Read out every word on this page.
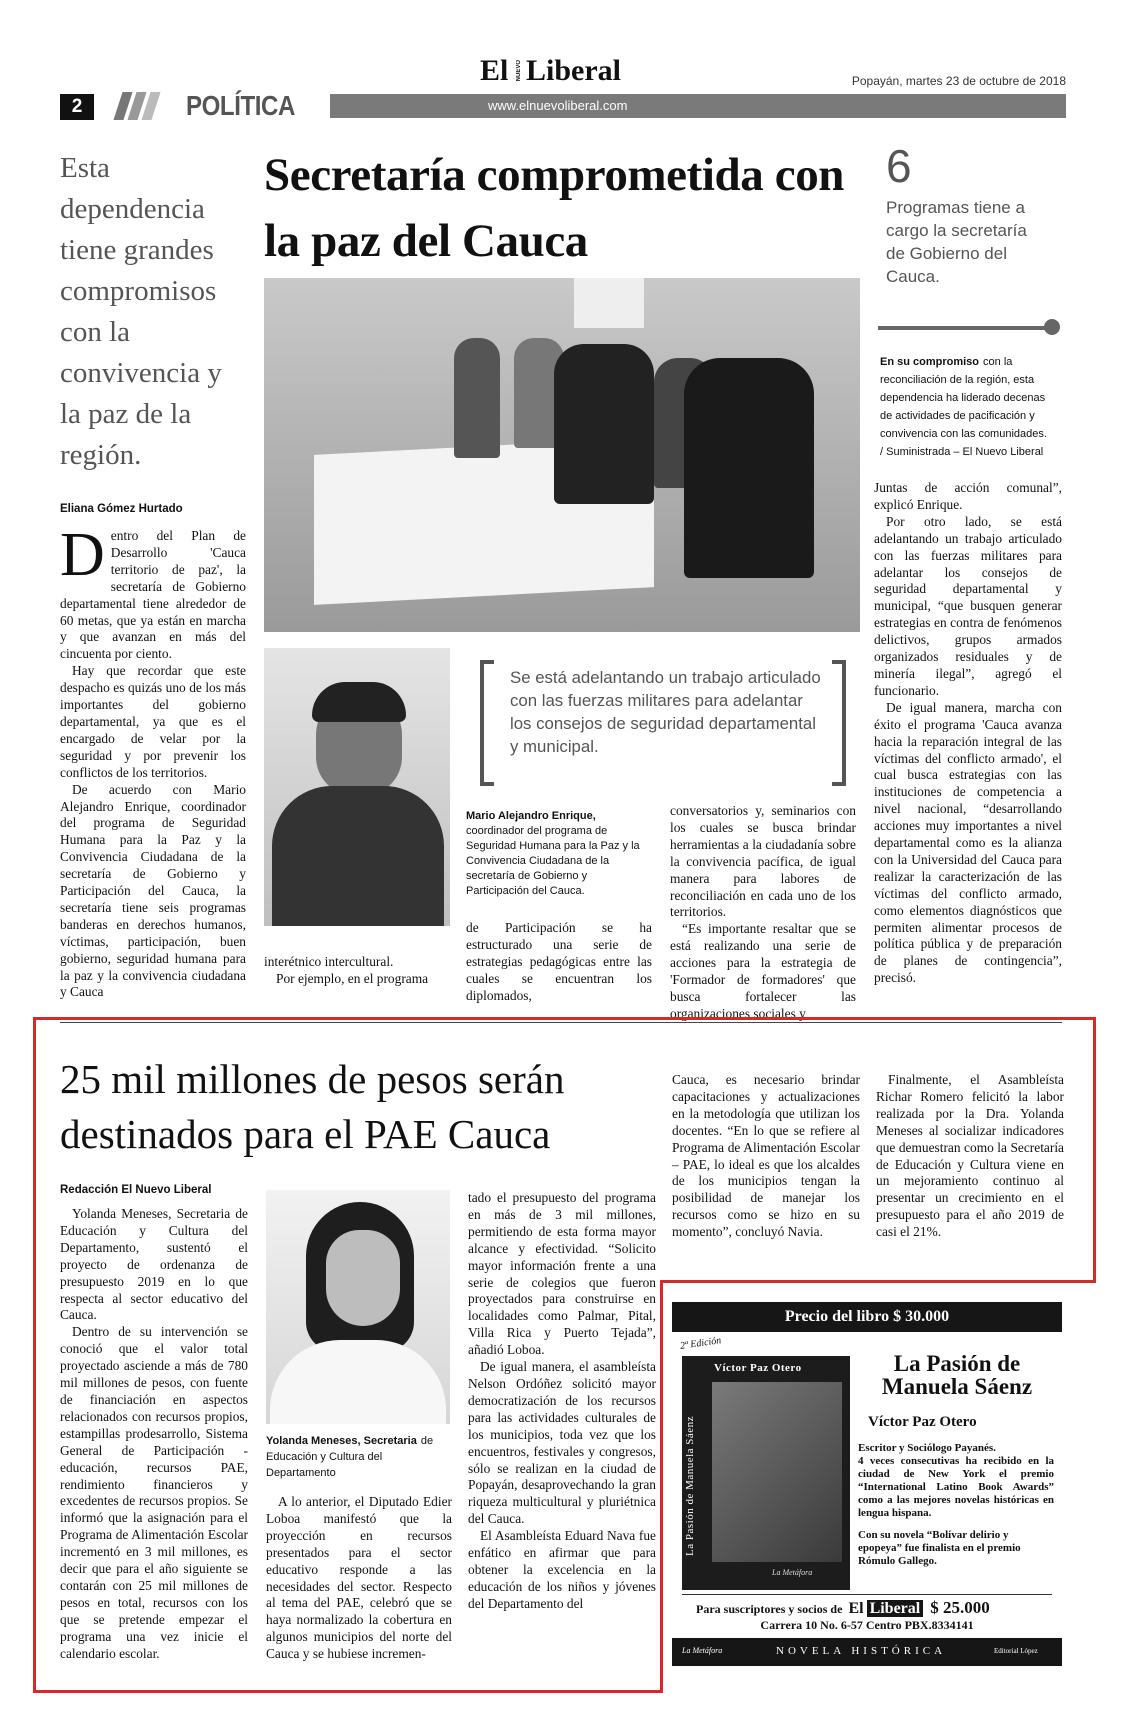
2	POLÍTICA
El NUEVO Liberal	Popayán, martes 23 de octubre de 2018
www.elnuevoliberal.com
Esta dependencia tiene grandes compromisos con la convivencia y la paz de la región.
Secretaría comprometida con la paz del Cauca
6
Programas tiene a cargo la secretaría de Gobierno del Cauca.
En su compromiso con la reconciliación de la región, esta dependencia ha liderado decenas de actividades de pacificación y convivencia con las comunidades. / Suministrada – El Nuevo Liberal
Se está adelantando un trabajo articulado con las fuerzas militares para adelantar los consejos de seguridad departamental y municipal.
Eliana Gómez Hurtado

Dentro del Plan de Desarrollo 'Cauca territorio de paz', la secretaría de Gobierno departamental tiene alrededor de 60 metas, que ya están en marcha y que avanzan en más del cincuenta por ciento.

Hay que recordar que este despacho es quizás uno de los más importantes del gobierno departamental, ya que es el encargado de velar por la seguridad y por prevenir los conflictos de los territorios.

De acuerdo con Mario Alejandro Enrique, coordinador del programa de Seguridad Humana para la Paz y la Convivencia Ciudadana de la secretaría de Gobierno y Participación del Cauca, la secretaría tiene seis programas banderas en derechos humanos, víctimas, participación, buen gobierno, seguridad humana para la paz y la convivencia ciudadana y Cauca

interétnico intercultural.

Por ejemplo, en el programa

Mario Alejandro Enrique, coordinador del programa de Seguridad Humana para la Paz y la Convivencia Ciudadana de la secretaría de Gobierno y Participación del Cauca.

de Participación se ha estructurado una serie de estrategias pedagógicas entre las cuales se encuentran los diplomados,

conversatorios y, seminarios con los cuales se busca brindar herramientas a la ciudadanía sobre la convivencia pacífica, de igual manera para labores de reconciliación en cada uno de los territorios.

“Es importante resaltar que se está realizando una serie de acciones para la estrategia de 'Formador de formadores' que busca fortalecer las organizaciones sociales y

Juntas de acción comunal”, explicó Enrique.

Por otro lado, se está adelantando un trabajo articulado con las fuerzas militares para adelantar los consejos de seguridad departamental y municipal, “que busquen generar estrategias en contra de fenómenos delictivos, grupos armados organizados residuales y de minería ilegal”, agregó el funcionario.

De igual manera, marcha con éxito el programa 'Cauca avanza hacia la reparación integral de las víctimas del conflicto armado', el cual busca estrategias con las instituciones de competencia a nivel nacional, “desarrollando acciones muy importantes a nivel departamental como es la alianza con la Universidad del Cauca para realizar la caracterización de las víctimas del conflicto armado, como elementos diagnósticos que permiten alimentar procesos de política pública y de preparación de planes de contingencia”, precisó.

25 mil millones de pesos serán destinados para el PAE Cauca
Redacción El Nuevo Liberal

Yolanda Meneses, Secretaria de Educación y Cultura del Departamento, sustentó el proyecto de ordenanza de presupuesto 2019 en lo que respecta al sector educativo del Cauca.

Dentro de su intervención se conoció que el valor total proyectado asciende a más de 780 mil millones de pesos, con fuente de financiación en aspectos relacionados con recursos propios, estampillas prodesarrollo, Sistema General de Participación - educación, recursos PAE, rendimiento financieros y excedentes de recursos propios. Se informó que la asignación para el Programa de Alimentación Escolar incrementó en 3 mil millones, es decir que para el año siguiente se contarán con 25 mil millones de pesos en total, recursos con los que se pretende empezar el programa una vez inicie el calendario escolar.

Yolanda Meneses, Secretaria de Educación y Cultura del Departamento

A lo anterior, el Diputado Edier Loboa manifestó que la proyección en recursos presentados para el sector educativo responde a las necesidades del sector. Respecto al tema del PAE, celebró que se haya normalizado la cobertura en algunos municipios del norte del Cauca y se hubiese incremen-

tado el presupuesto del programa en más de 3 mil millones, permitiendo de esta forma mayor alcance y efectividad. “Solicito mayor información frente a una serie de colegios que fueron proyectados para construirse en localidades como Palmar, Pital, Villa Rica y Puerto Tejada”, añadió Loboa.

De igual manera, el asambleísta Nelson Ordóñez solicitó mayor democratización de los recursos para las actividades culturales de los municipios, toda vez que los encuentros, festivales y congresos, sólo se realizan en la ciudad de Popayán, desaprovechando la gran riqueza multicultural y pluriétnica del Cauca.

El Asambleísta Eduard Nava fue enfático en afirmar que para obtener la excelencia en la educación de los niños y jóvenes del Departamento del

Cauca, es necesario brindar capacitaciones y actualizaciones en la metodología que utilizan los docentes. “En lo que se refiere al Programa de Alimentación Escolar – PAE, lo ideal es que los alcaldes de los municipios tengan la posibilidad de manejar los recursos como se hizo en su momento”, concluyó Navia.

Finalmente, el Asambleísta Richar Romero felicitó la labor realizada por la Dra. Yolanda Meneses al socializar indicadores que demuestran como la Secretaría de Educación y Cultura viene en un mejoramiento continuo al presentar un crecimiento en el presupuesto para el año 2019 de casi el 21%.

Precio del libro $ 30.000
2ª Edición
Víctor Paz Otero
La Pasión de Manuela Sáenz
La Metáfora
La Pasión de Manuela Sáenz
Víctor Paz Otero

Escritor y Sociólogo Payanés.

4 veces consecutivas ha recibido en la ciudad de New York el premio “International Latino Book Awards” como a las mejores novelas históricas en lengua hispana.

Con su novela “Bolívar delirio y epopeya” fue finalista en el premio Rómulo Gallego.

Para suscriptores y socios de El Liberal $ 25.000
Carrera 10 No. 6-57 Centro PBX.8334141
La Metáfora	NOVELA HISTÓRICA	Editorial López
